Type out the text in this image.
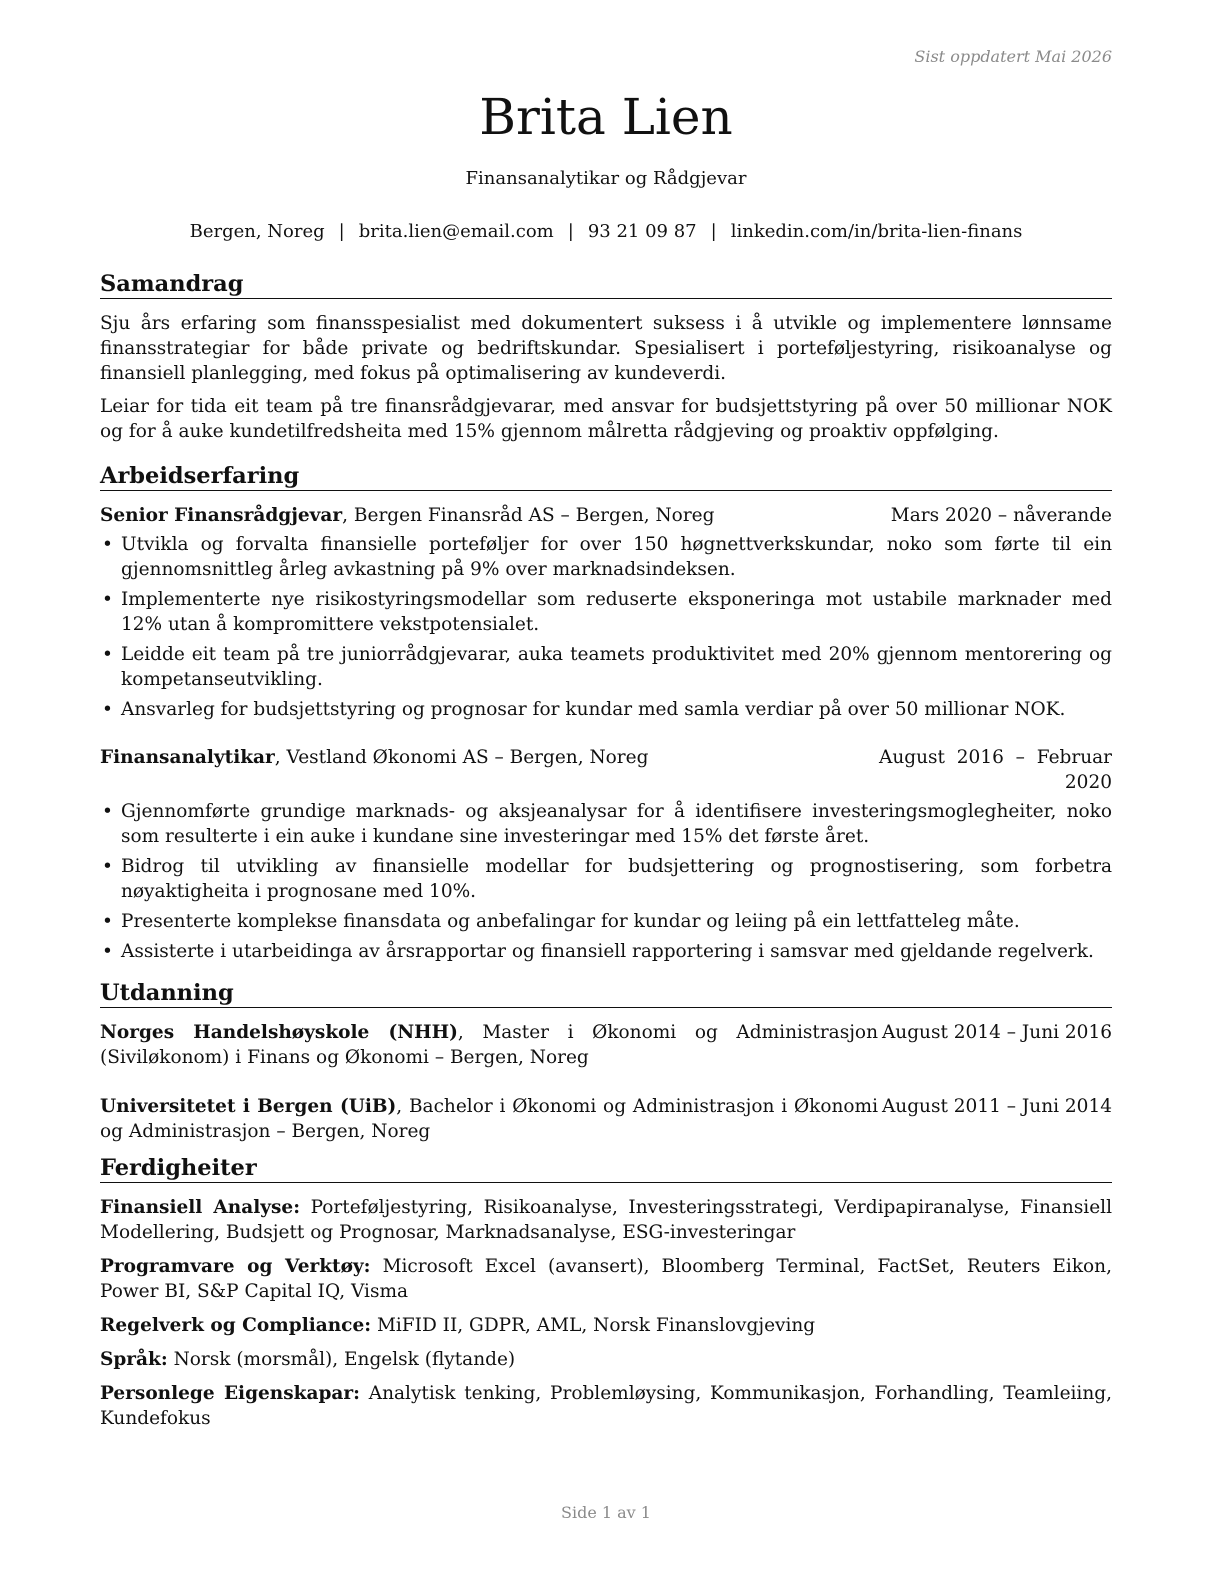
Sist oppdatert Mai 2026
Brita Lien
Finansanalytikar og Rådgjevar
Bergen, Noreg | brita.lien@email.com | 93 21 09 87 | linkedin.com/in/brita-lien-finans
Samandrag

Sju års erfaring som finansspesialist med dokumentert suksess i å utvikle og implementere lønnsame finansstrategiar for både private og bedriftskundar. Spesialisert i porteføljestyring, risikoanalyse og finansiell planlegging, med fokus på optimalisering av kundeverdi.

Leiar for tida eit team på tre finansrådgjevarar, med ansvar for budsjettstyring på over 50 millionar NOK og for å auke kundetilfredsheita med 15% gjennom målretta rådgjeving og proaktiv oppfølging.

Arbeidserfaring
Senior Finansrådgjevar, Bergen Finansråd AS – Bergen, Noreg	Mars 2020 – nåverande
• Utvikla og forvalta finansielle porteføljer for over 150 høgnettverkskundar, noko som førte til ein gjennomsnittleg årleg avkastning på 9% over marknadsindeksen.
• Implementerte nye risikostyringsmodellar som reduserte eksponeringa mot ustabile marknader med 12% utan å kompromittere vekstpotensialet.
• Leidde eit team på tre juniorrådgjevarar, auka teamets produktivitet med 20% gjennom mentorering og kompetanseutvikling.
• Ansvarleg for budsjettstyring og prognosar for kundar med samla verdiar på over 50 millionar NOK.
Finansanalytikar, Vestland Økonomi AS – Bergen, Noreg	August 2016 – Februar 2020
• Gjennomførte grundige marknads- og aksjeanalysar for å identifisere investeringsmoglegheiter, noko som resulterte i ein auke i kundane sine investeringar med 15% det første året.
• Bidrog til utvikling av finansielle modellar for budsjettering og prognostisering, som forbetra nøyaktigheita i prognosane med 10%.
• Presenterte komplekse finansdata og anbefalingar for kundar og leiing på ein lettfatteleg måte.
• Assisterte i utarbeidinga av årsrapportar og finansiell rapportering i samsvar med gjeldande regelverk.
Utdanning
Norges Handelshøyskole (NHH), Master i Økonomi og Administrasjon (Siviløkonom) i Finans og Økonomi – Bergen, Noreg
August 2014 – Juni 2016
Universitetet i Bergen (UiB), Bachelor i Økonomi og Administrasjon i Økonomi og Administrasjon – Bergen, Noreg
August 2011 – Juni 2014
Ferdigheiter
Finansiell Analyse: Porteføljestyring, Risikoanalyse, Investeringsstrategi, Verdipapiranalyse, Finansiell Modellering, Budsjett og Prognosar, Marknadsanalyse, ESG-investeringar
Programvare og Verktøy: Microsoft Excel (avansert), Bloomberg Terminal, FactSet, Reuters Eikon, Power BI, S&P Capital IQ, Visma
Regelverk og Compliance: MiFID II, GDPR, AML, Norsk Finanslovgjeving
Språk: Norsk (morsmål), Engelsk (flytande)
Personlege Eigenskapar: Analytisk tenking, Problemløysing, Kommunikasjon, Forhandling, Teamleiing, Kundefokus
Side 1 av 1
